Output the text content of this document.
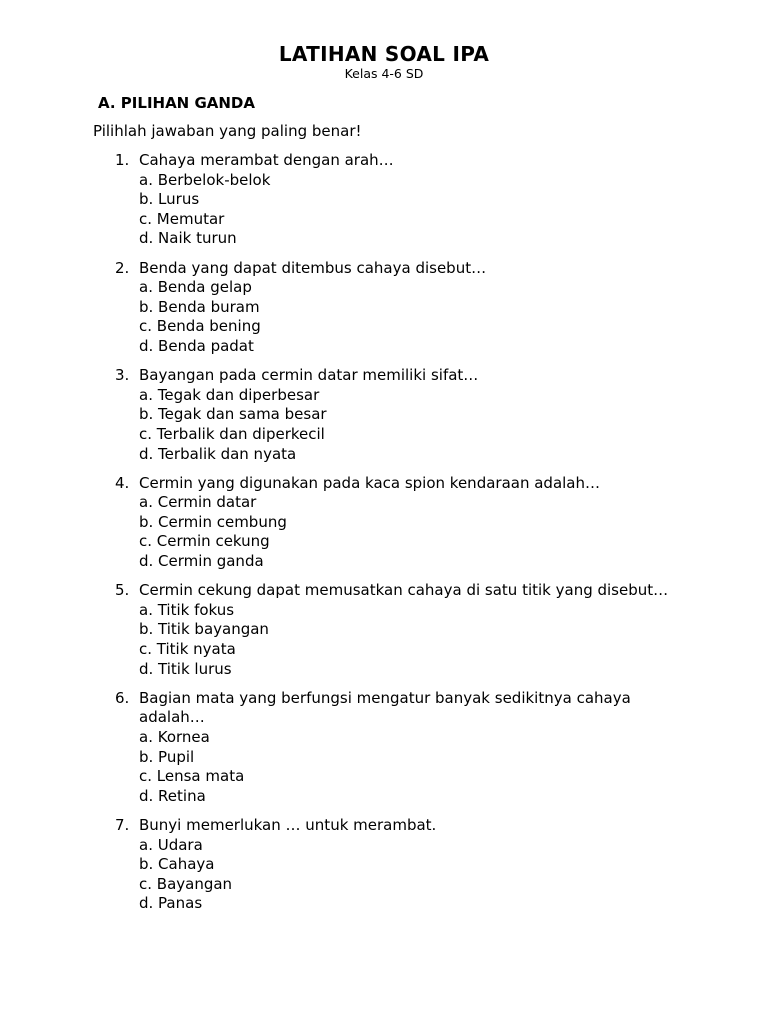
LATIHAN SOAL IPA
Kelas 4-6 SD
A. PILIHAN GANDA
Pilihlah jawaban yang paling benar!
1. Cahaya merambat dengan arah…
a. Berbelok-belok
b. Lurus
c. Memutar
d. Naik turun
2. Benda yang dapat ditembus cahaya disebut…
a. Benda gelap
b. Benda buram
c. Benda bening
d. Benda padat
3. Bayangan pada cermin datar memiliki sifat…
a. Tegak dan diperbesar
b. Tegak dan sama besar
c. Terbalik dan diperkecil
d. Terbalik dan nyata
4. Cermin yang digunakan pada kaca spion kendaraan adalah…
a. Cermin datar
b. Cermin cembung
c. Cermin cekung
d. Cermin ganda
5. Cermin cekung dapat memusatkan cahaya di satu titik yang disebut…
a. Titik fokus
b. Titik bayangan
c. Titik nyata
d. Titik lurus
6. Bagian mata yang berfungsi mengatur banyak sedikitnya cahaya adalah…
a. Kornea
b. Pupil
c. Lensa mata
d. Retina
7. Bunyi memerlukan … untuk merambat.
a. Udara
b. Cahaya
c. Bayangan
d. Panas
